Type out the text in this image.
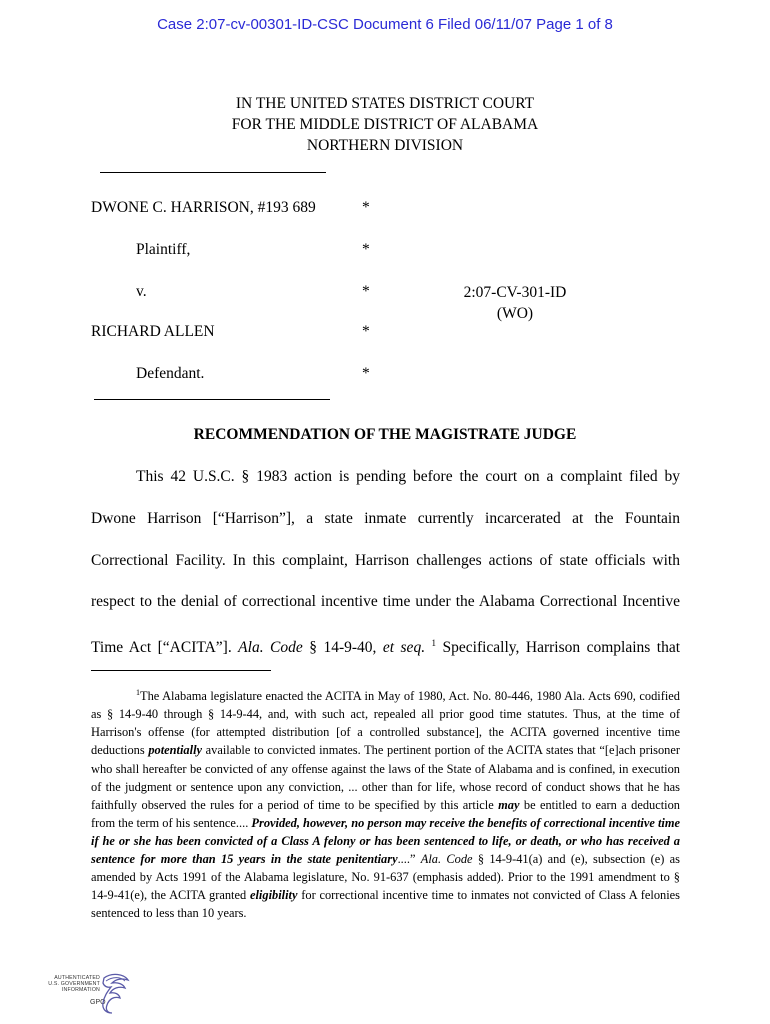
Case 2:07-cv-00301-ID-CSC Document 6 Filed 06/11/07 Page 1 of 8
IN THE UNITED STATES DISTRICT COURT
FOR THE MIDDLE DISTRICT OF ALABAMA
NORTHERN DIVISION
DWONE C. HARRISON, #193 689	*
Plaintiff,	*
v.	*	2:07-CV-301-ID
(WO)
RICHARD ALLEN	*
Defendant.	*
RECOMMENDATION OF THE MAGISTRATE JUDGE

This 42 U.S.C. § 1983 action is pending before the court on a complaint filed by

Dwone Harrison [“Harrison”], a state inmate currently incarcerated at the Fountain

Correctional Facility. In this complaint, Harrison challenges actions of state officials with

respect to the denial of correctional incentive time under the Alabama Correctional Incentive

Time Act [“ACITA”]. Ala. Code § 14-9-40, et seq. $^1$ Specifically, Harrison complains that

$^1$The Alabama legislature enacted the ACITA in May of 1980, Act. No. 80-446, 1980 Ala. Acts 690, codified as § 14-9-40 through § 14-9-44, and, with such act, repealed all prior good time statutes. Thus, at the time of Harrison's offense (for attempted distribution [of a controlled substance], the ACITA governed incentive time deductions potentially available to convicted inmates. The pertinent portion of the ACITA states that “[e]ach prisoner who shall hereafter be convicted of any offense against the laws of the State of Alabama and is confined, in execution of the judgment or sentence upon any conviction, ... other than for life, whose record of conduct shows that he has faithfully observed the rules for a period of time to be specified by this article may be entitled to earn a deduction from the term of his sentence.... Provided, however, no person may receive the benefits of correctional incentive time if he or she has been convicted of a Class A felony or has been sentenced to life, or death, or who has received a sentence for more than 15 years in the state penitentiary....” Ala. Code § 14-9-41(a) and (e), subsection (e) as amended by Acts 1991 of the Alabama legislature, No. 91-637 (emphasis added). Prior to the 1991 amendment to § 14-9-41(e), the ACITA granted eligibility for correctional incentive time to inmates not convicted of Class A felonies sentenced to less than 10 years.

AUTHENTICATED
U.S. GOVERNMENT
INFORMATION
GPO
